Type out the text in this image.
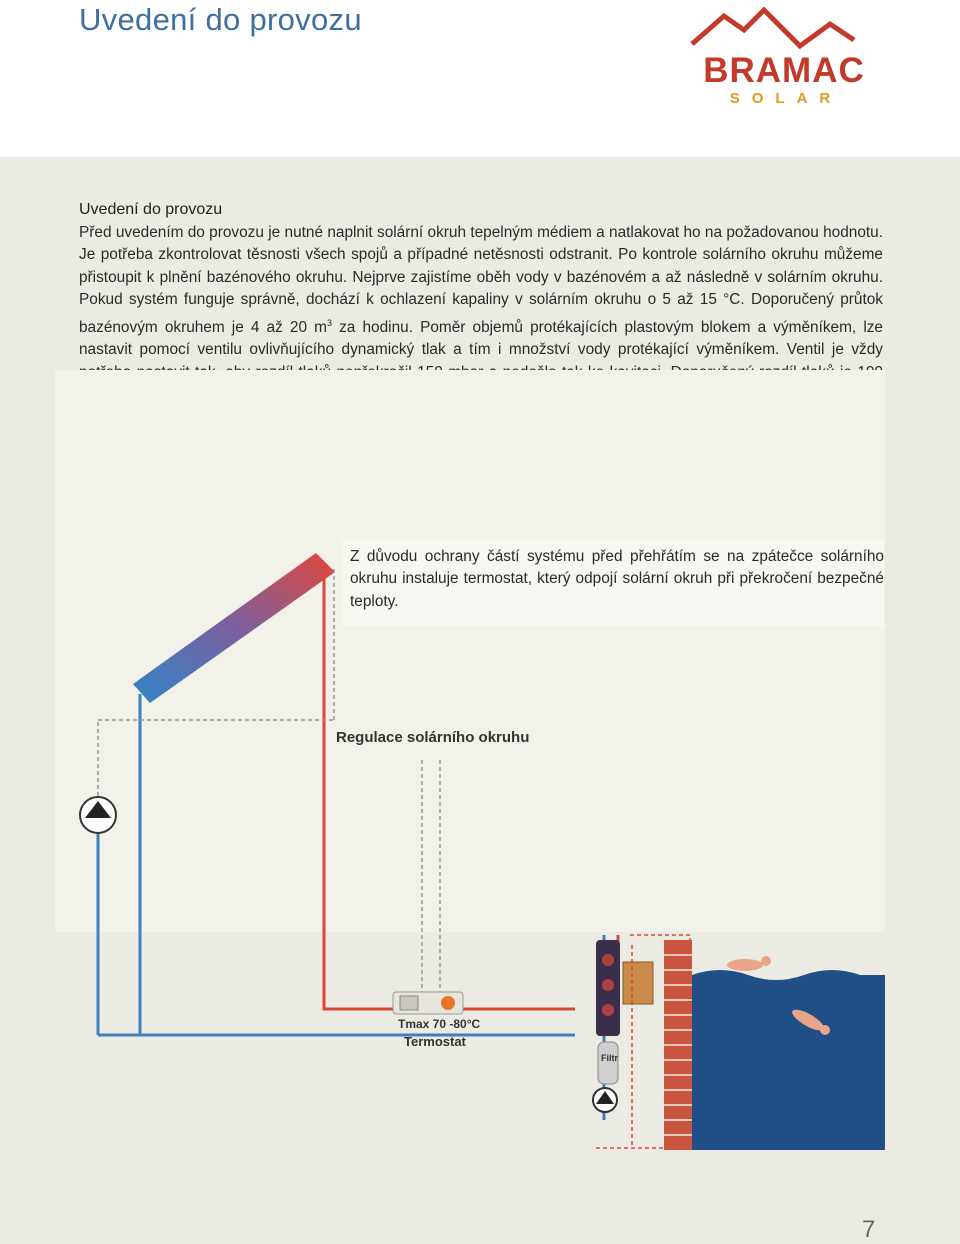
Uvedení do provozu
BRAMAC
SOLAR
Uvedení do provozu
Před uvedením do provozu je nutné naplnit solární okruh tepelným médiem a natlakovat ho na požadovanou hodnotu. Je potřeba zkontrolovat těsnosti všech spojů a případné netěsnosti odstranit. Po kontrole solárního okruhu můžeme přistoupit k plnění bazénového okruhu. Nejprve zajistíme oběh vody v bazénovém a až následně v solárním okruhu. Pokud systém funguje správně, dochází k ochlazení kapaliny v solárním okruhu o 5 až 15 °C. Doporučený průtok bazénovým okruhem je 4 až 20 $m^3$ za hodinu. Poměr objemů protékajících plastovým blokem a výměníkem, lze nastavit pomocí ventilu ovlivňujícího dynamický tlak a tím i množství vody protékající výměníkem. Ventil je vždy
Z důvodu ochrany částí systému před přehřátím se na zpátečce solárního okruhu instaluje termostat, který odpojí solární okruh při překročení bezpečné teploty.
Regulace solárního okruhu
Tmax 70 -80°C
Termostat
Filtr
7
